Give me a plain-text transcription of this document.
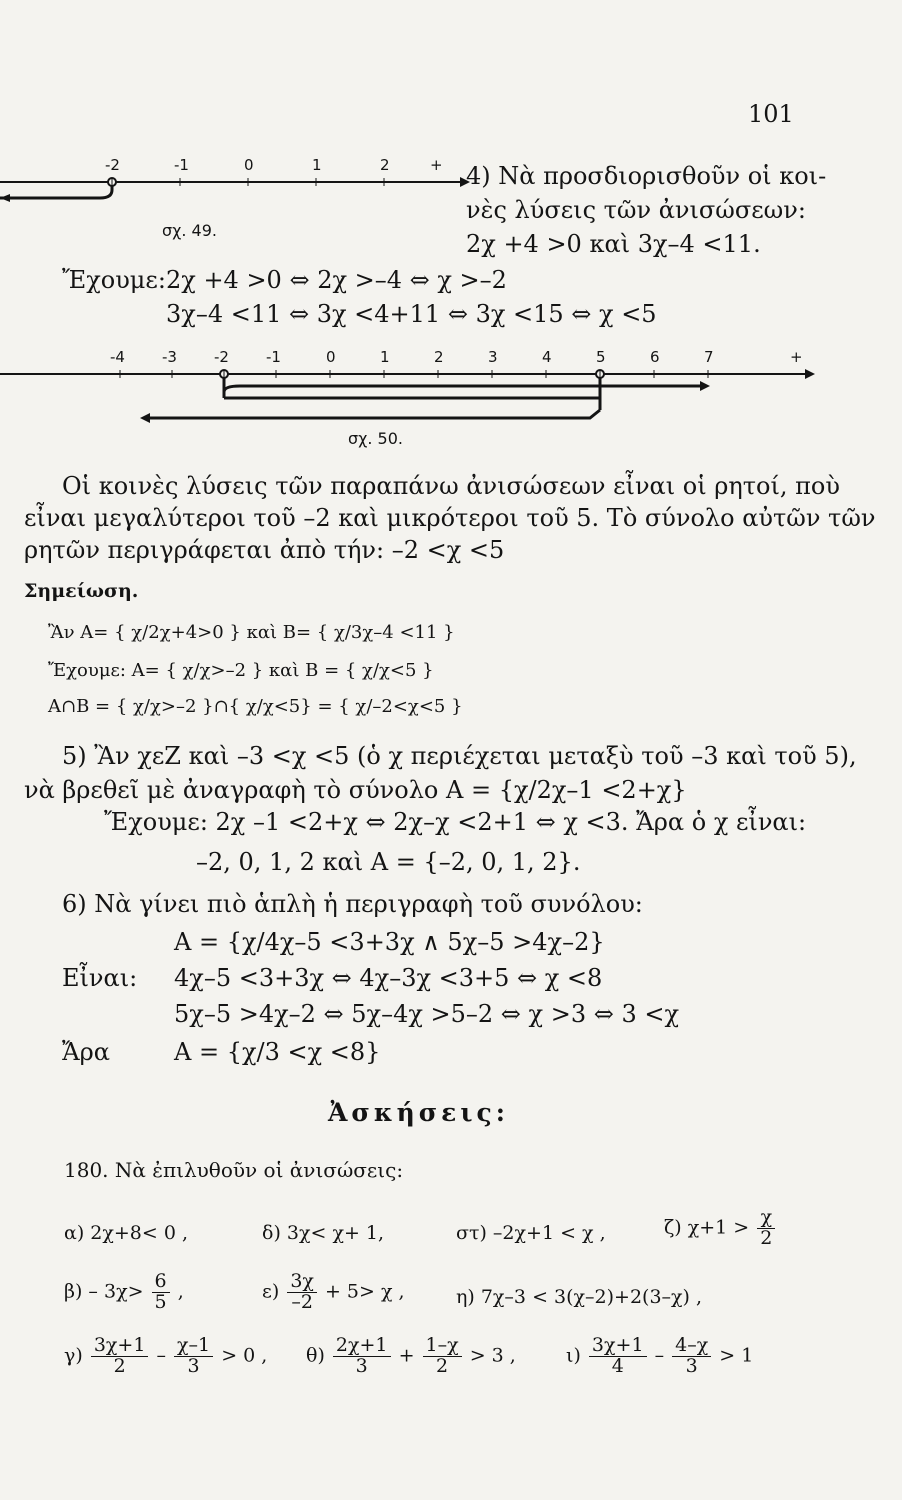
101
-2	-1	0	1	2	+
σχ. 49.
4) Νὰ προσδιορισθοῦν οἱ κοι-
νὲς λύσεις τῶν ἀνισώσεων:
2χ +4 >0 καὶ 3χ–4 <11.
Ἔχουμε: 2χ +4 >0 ⇔ 2χ >–4 ⇔ χ >–2
3χ–4 <11 ⇔ 3χ <4+11 ⇔ 3χ <15 ⇔ χ <5
-4 -3 -2 -1	0	1	2	3	4	5	6	7	+
σχ. 50.
Οἱ κοινὲς λύσεις τῶν παραπάνω ἀνισώσεων εἶναι οἱ ρητοί, ποὺ
εἶναι μεγαλύτεροι τοῦ –2 καὶ μικρότεροι τοῦ 5. Τὸ σύνολο αὐτῶν τῶν
ρητῶν περιγράφεται ἀπὸ τήν: –2 <χ <5
Σημείωση.
Ἂν A= { χ/2χ+4>0 } καὶ B= { χ/3χ–4 <11 }
Ἔχουμε: A= { χ/χ>–2 } καὶ B = { χ/χ<5 }
A∩B = { χ/χ>–2 }∩{ χ/χ<5} = { χ/–2<χ<5 }
5) Ἂν χεZ καὶ –3 <χ <5 (ὁ χ περιέχεται μεταξὺ τοῦ –3 καὶ τοῦ 5),
νὰ βρεθεῖ μὲ ἀναγραφὴ τὸ σύνολο A = {χ/2χ–1 <2+χ}
Ἔχουμε: 2χ –1 <2+χ ⇔ 2χ–χ <2+1 ⇔ χ <3. Ἄρα ὁ χ εἶναι:
–2, 0, 1, 2 καὶ A = {–2, 0, 1, 2}.
6) Νὰ γίνει πιὸ ἁπλὴ ἡ περιγραφὴ τοῦ συνόλου:
A = {χ/4χ–5 <3+3χ ∧ 5χ–5 >4χ–2}
Εἶναι: 4χ–5 <3+3χ ⇔ 4χ–3χ <3+5 ⇔ χ <8
5χ–5 >4χ–2 ⇔ 5χ–4χ >5–2 ⇔ χ >3 ⇔ 3 <χ
Ἄρα	A = {χ/3 <χ <8}
Ἀσκήσεις:
180. Νὰ ἐπιλυθοῦν οἱ ἀνισώσεις:
α) 2χ+8< 0 ,	δ) 3χ< χ+ 1,	στ) –2χ+1 < χ ,	ζ) $\chi+1 > \frac{\chi}{2}$
$\beta) - 3\chi> \frac{6}{5}$ ,	$\varepsilon) \frac{3\chi}{-2} + 5> \chi$ ,	η) 7χ–3 < 3(χ–2)+2(3–χ) ,
$\gamma) \frac{3\chi+1}{2} - \frac{\chi-1}{3} > 0$ , $\theta) \frac{2\chi+1}{3} + \frac{1-\chi}{2} > 3$ ,	$\iota) \frac{3\chi+1}{4} - \frac{4-\chi}{3} > 1$
